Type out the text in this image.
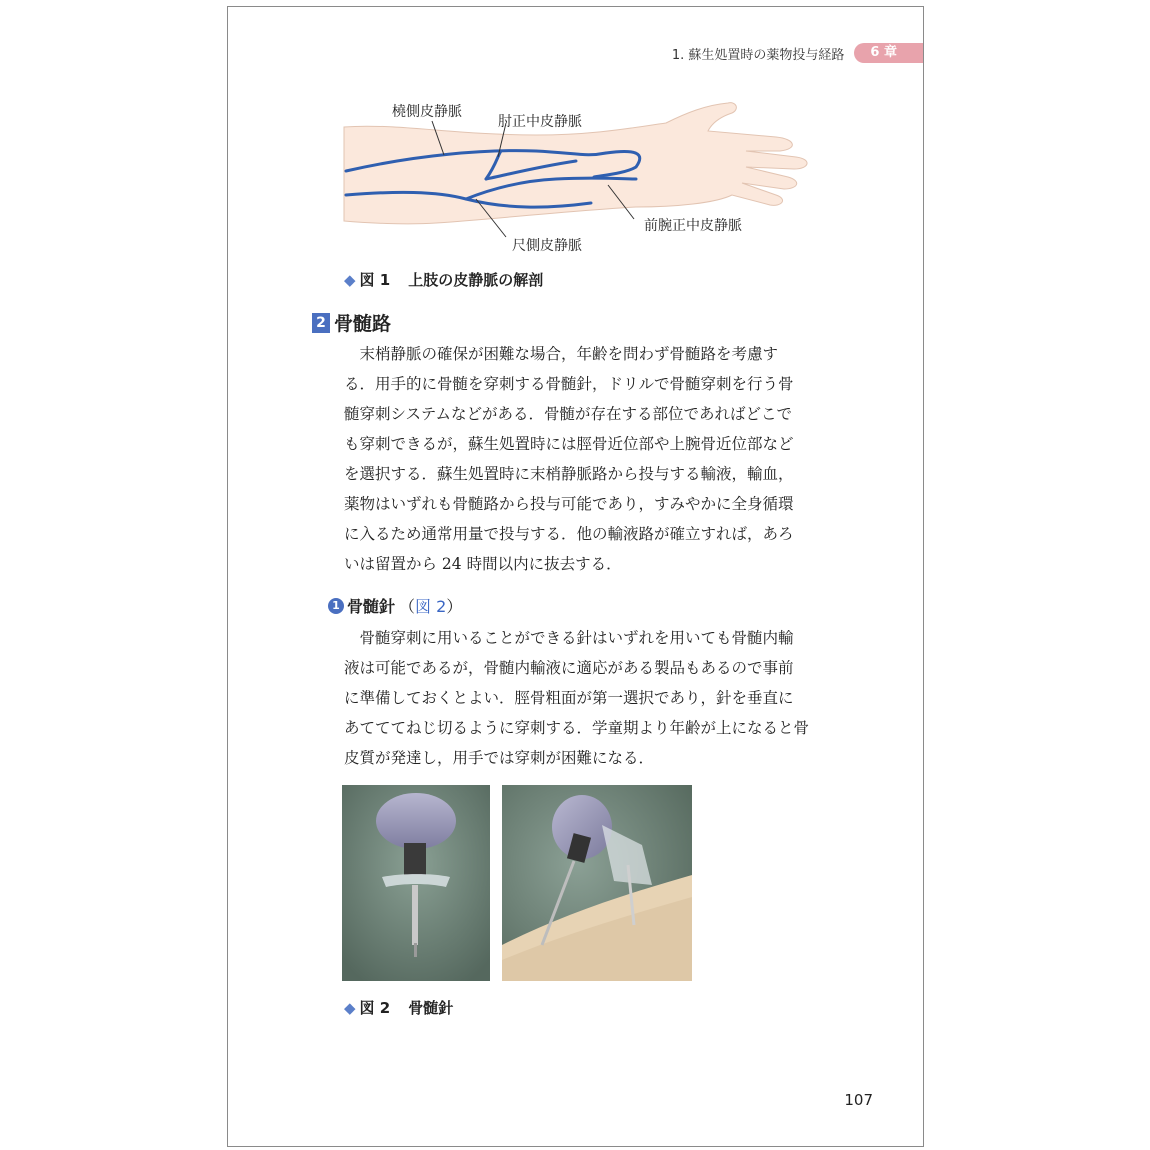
1. 蘇生処置時の薬物投与経路	6 章
橈側皮静脈
肘正中皮静脈
尺側皮静脈
前腕正中皮静脈
◆ 図 1 上肢の皮静脈の解剖
2 骨髄路
　末梢静脈の確保が困難な場合，年齢を問わず骨髄路を考慮す
る．用手的に骨髄を穿刺する骨髄針，ドリルで骨髄穿刺を行う骨
髄穿刺システムなどがある．骨髄が存在する部位であればどこで
も穿刺できるが，蘇生処置時には脛骨近位部や上腕骨近位部など
を選択する．蘇生処置時に末梢静脈路から投与する輸液，輸血，
薬物はいずれも骨髄路から投与可能であり，すみやかに全身循環
に入るため通常用量で投与する．他の輸液路が確立すれば，あろ
いは留置から 24 時間以内に抜去する．
1 骨髄針 （図 2）
　骨髄穿刺に用いることができる針はいずれを用いても骨髄内輸
液は可能であるが，骨髄内輸液に適応がある製品もあるので事前
に準備しておくとよい．脛骨粗面が第一選択であり，針を垂直に
あてててねじ切るように穿刺する．学童期より年齢が上になると骨
皮質が発達し，用手では穿刺が困難になる．
◆ 図 2 骨髄針
107
